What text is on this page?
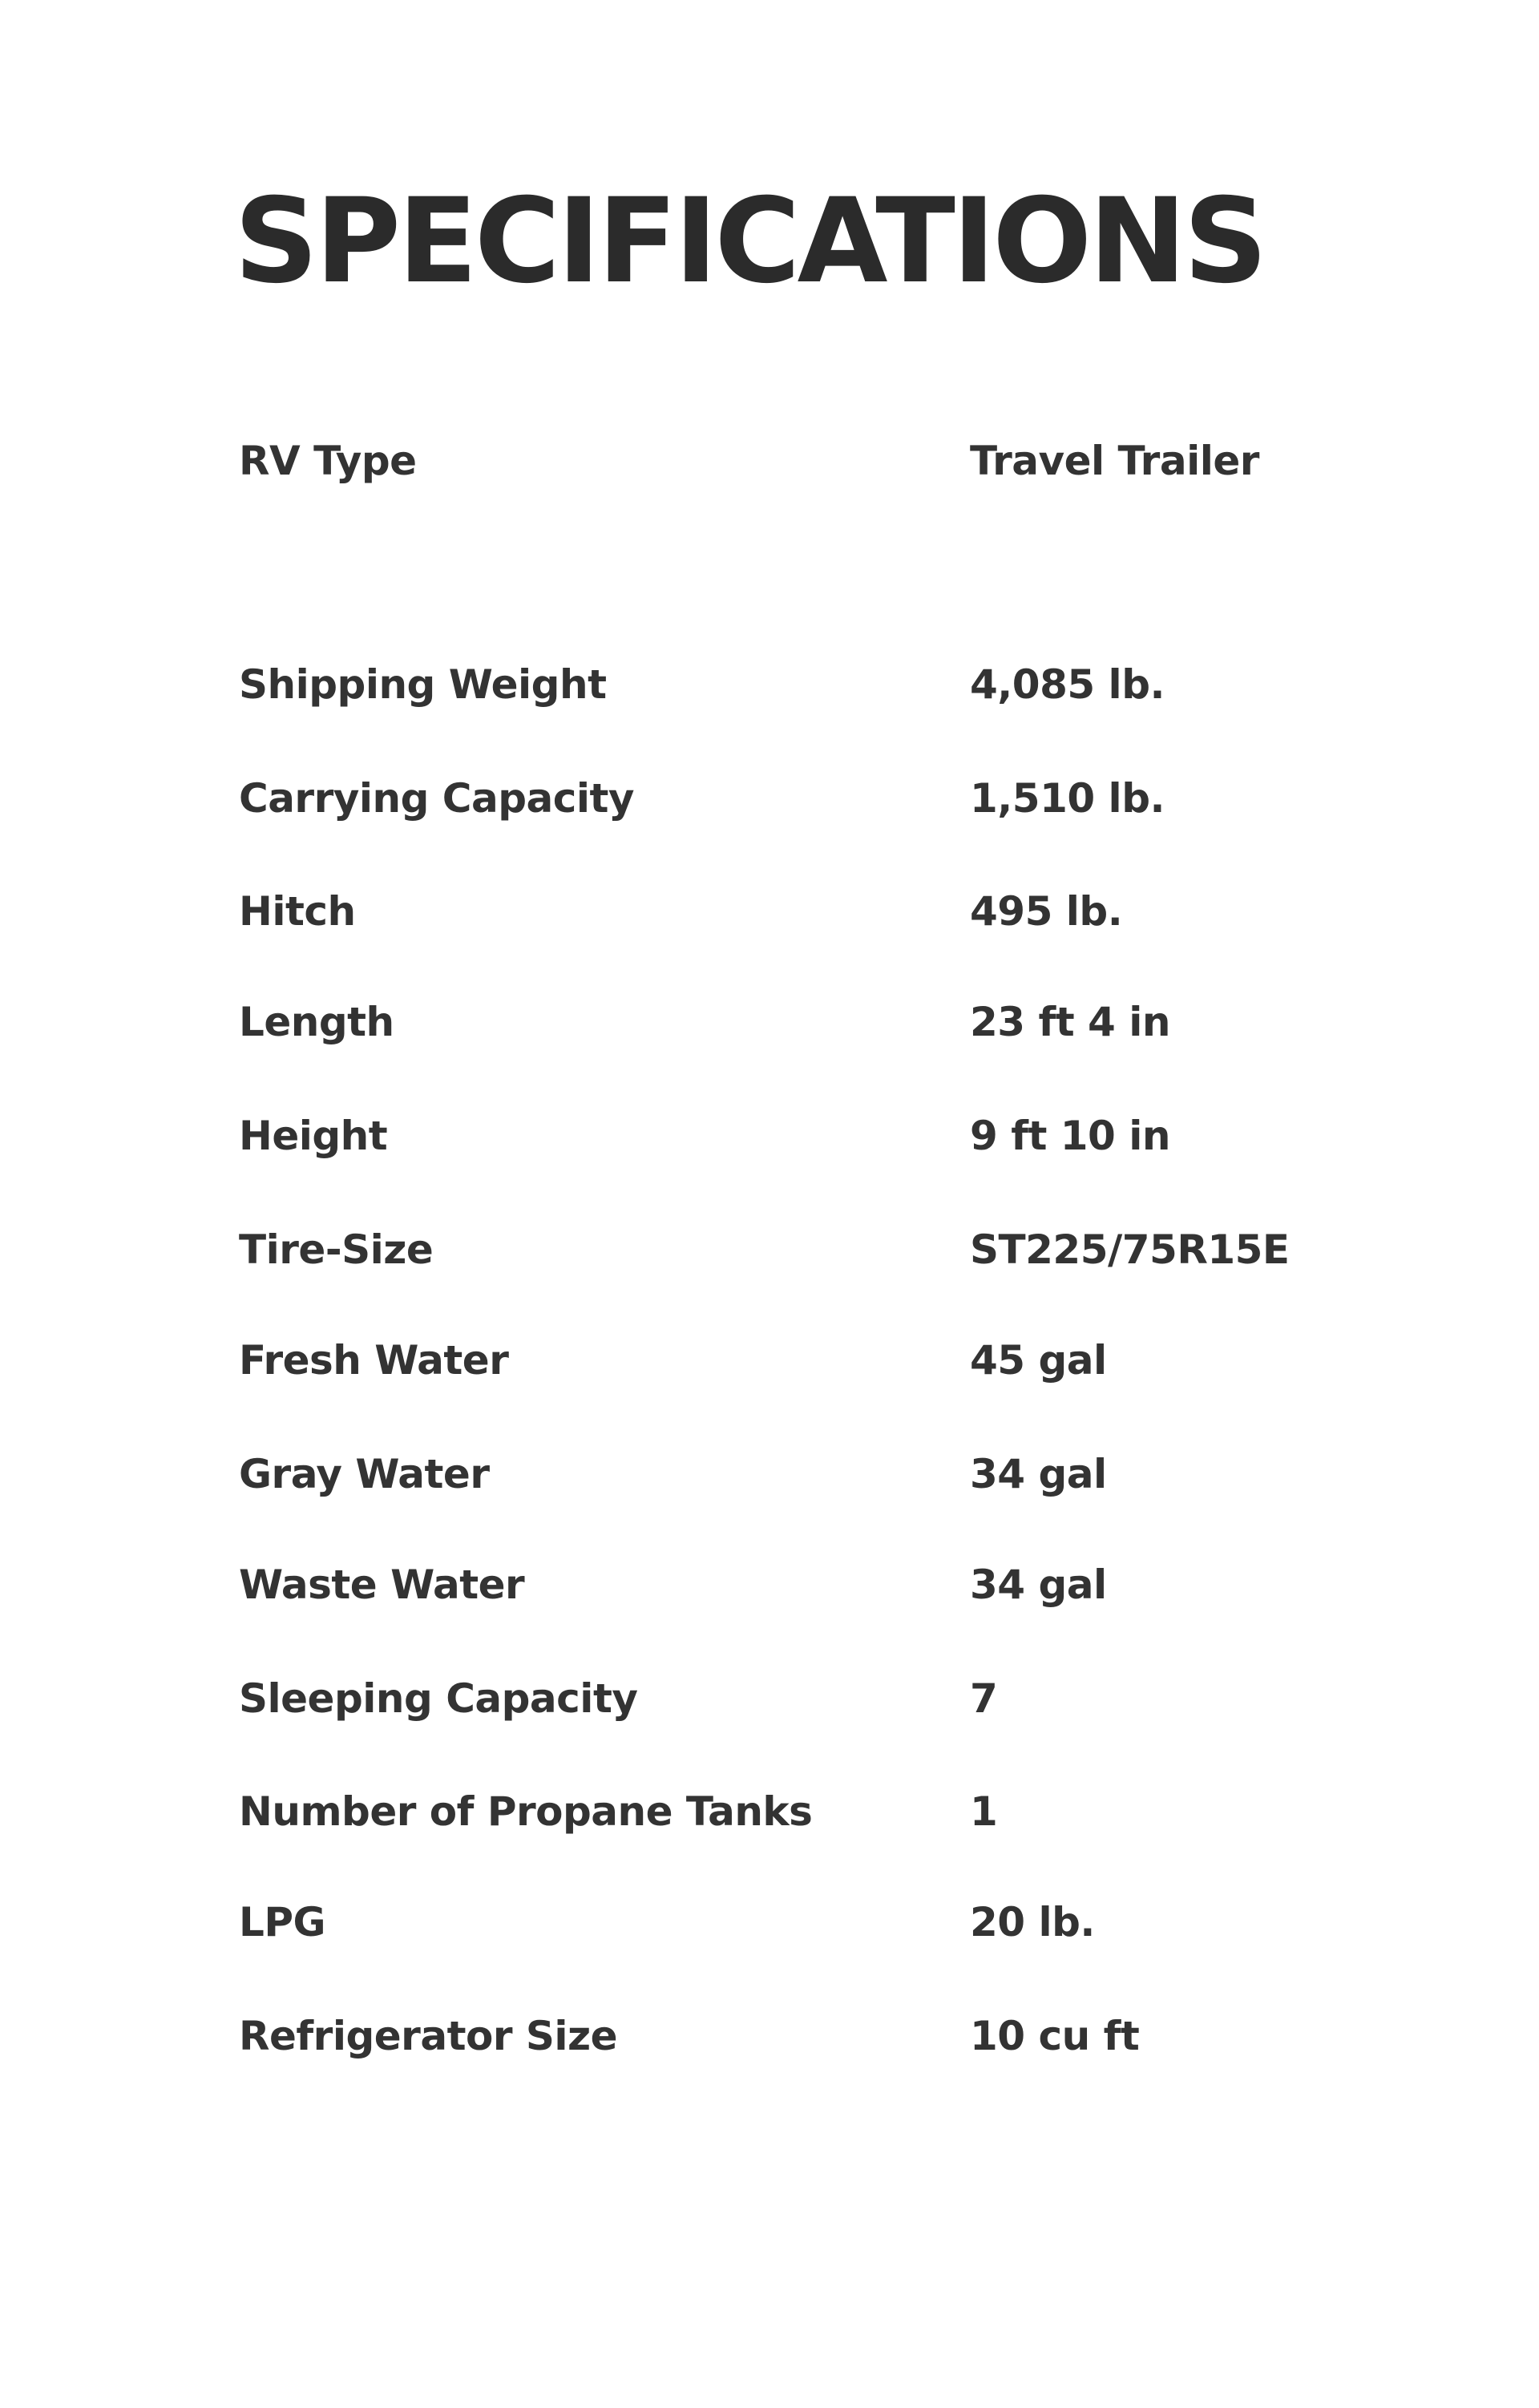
SPECIFICATIONS
RV Type	Travel Trailer
Shipping Weight	4,085 lb.
Carrying Capacity	1,510 lb.
Hitch	495 lb.
Length	23 ft 4 in
Height	9 ft 10 in
Tire-Size	ST225/75R15E
Fresh Water	45 gal
Gray Water	34 gal
Waste Water	34 gal
Sleeping Capacity	7
Number of Propane Tanks	1
LPG	20 lb.
Refrigerator Size	10 cu ft
